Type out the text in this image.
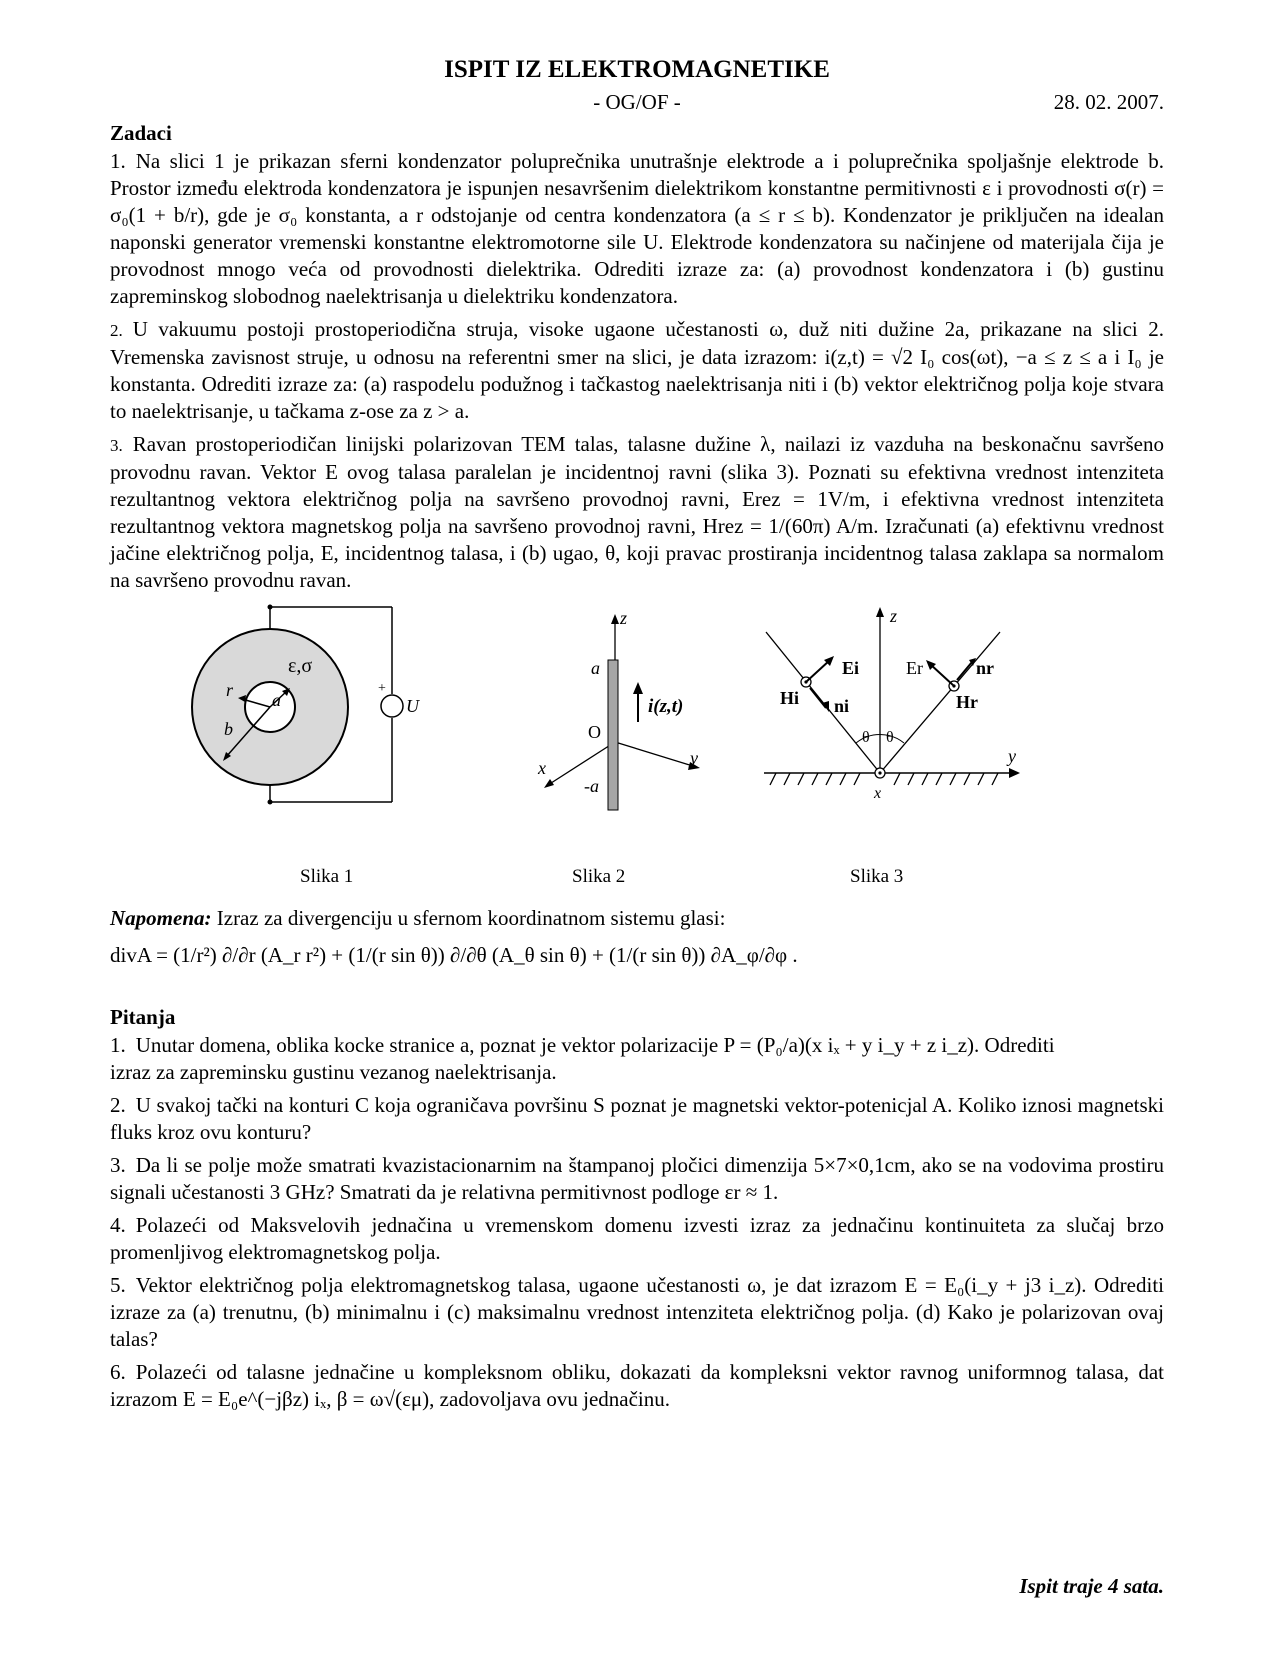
ISPIT IZ ELEKTROMAGNETIKE
- OG/OF -	28. 02. 2007.

Zadaci

1. Na slici 1 je prikazan sferni kondenzator poluprečnika unutrašnje elektrode a i poluprečnika spoljašnje elektrode b. Prostor između elektroda kondenzatora je ispunjen nesavršenim dielektrikom konstantne permitivnosti ε i provodnosti σ(r) = σ₀(1 + b/r), gde je σ₀ konstanta, a r odstojanje od centra kondenzatora (a ≤ r ≤ b). Kondenzator je priključen na idealan naponski generator vremenski konstantne elektromotorne sile U. Elektrode kondenzatora su načinjene od materijala čija je provodnost mnogo veća od provodnosti dielektrika. Odrediti izraze za: (a) provodnost kondenzatora i (b) gustinu zapreminskog slobodnog naelektrisanja u dielektriku kondenzatora.

2. U vakuumu postoji prostoperiodična struja, visoke ugaone učestanosti ω, duž niti dužine 2a, prikazane na slici 2. Vremenska zavisnost struje, u odnosu na referentni smer na slici, je data izrazom: i(z,t) = √2 I₀ cos(ωt), −a ≤ z ≤ a i I₀ je konstanta. Odrediti izraze za: (a) raspodelu podužnog i tačkastog naelektrisanja niti i (b) vektor električnog polja koje stvara to naelektrisanje, u tačkama z-ose za z > a.

3. Ravan prostoperiodičan linijski polarizovan TEM talas, talasne dužine λ, nailazi iz vazduha na beskonačnu savršeno provodnu ravan. Vektor E ovog talasa paralelan je incidentnoj ravni (slika 3). Poznati su efektivna vrednost intenziteta rezultantnog vektora električnog polja na savršeno provodnoj ravni, Erez = 1V/m, i efektivna vrednost intenziteta rezultantnog vektora magnetskog polja na savršeno provodnoj ravni, Hrez = 1/(60π) A/m. Izračunati (a) efektivnu vrednost jačine električnog polja, E, incidentnog talasa, i (b) ugao, θ, koji pravac prostiranja incidentnog talasa zaklapa sa normalom na savršeno provodnu ravan.

ε,σ
r a
b
+
U
z
a
i(z,t)
O
x	y
-a
z
Ei	Er	nr
Hi ni	Hr
θ θ
y
x
Slika 1	Slika 2	Slika 3

Napomena: Izraz za divergenciju u sfernom koordinatnom sistemu glasi:

divA = (1/r²) ∂/∂r (A_r r²) + (1/(r sin θ)) ∂/∂θ (A_θ sin θ) + (1/(r sin θ)) ∂A_φ/∂φ .

Pitanja

1. Unutar domena, oblika kocke stranice a, poznat je vektor polarizacije P = (P₀/a)(x iₓ + y i_y + z i_z). Odrediti
izraz za zapreminsku gustinu vezanog naelektrisanja.

2. U svakoj tački na konturi C koja ograničava površinu S poznat je magnetski vektor-potenicjal A. Koliko iznosi magnetski fluks kroz ovu konturu?

3. Da li se polje može smatrati kvazistacionarnim na štampanoj pločici dimenzija 5×7×0,1cm, ako se na vodovima prostiru signali učestanosti 3 GHz? Smatrati da je relativna permitivnost podloge εr ≈ 1.

4. Polazeći od Maksvelovih jednačina u vremenskom domenu izvesti izraz za jednačinu kontinuiteta za slučaj brzo promenljivog elektromagnetskog polja.

5. Vektor električnog polja elektromagnetskog talasa, ugaone učestanosti ω, je dat izrazom E = E₀(i_y + j3 i_z). Odrediti izraze za (a) trenutnu, (b) minimalnu i (c) maksimalnu vrednost intenziteta električnog polja. (d) Kako je polarizovan ovaj talas?

6. Polazeći od talasne jednačine u kompleksnom obliku, dokazati da kompleksni vektor ravnog uniformnog talasa, dat izrazom E = E₀e^(−jβz) iₓ, β = ω√(εμ), zadovoljava ovu jednačinu.

Ispit traje 4 sata.
